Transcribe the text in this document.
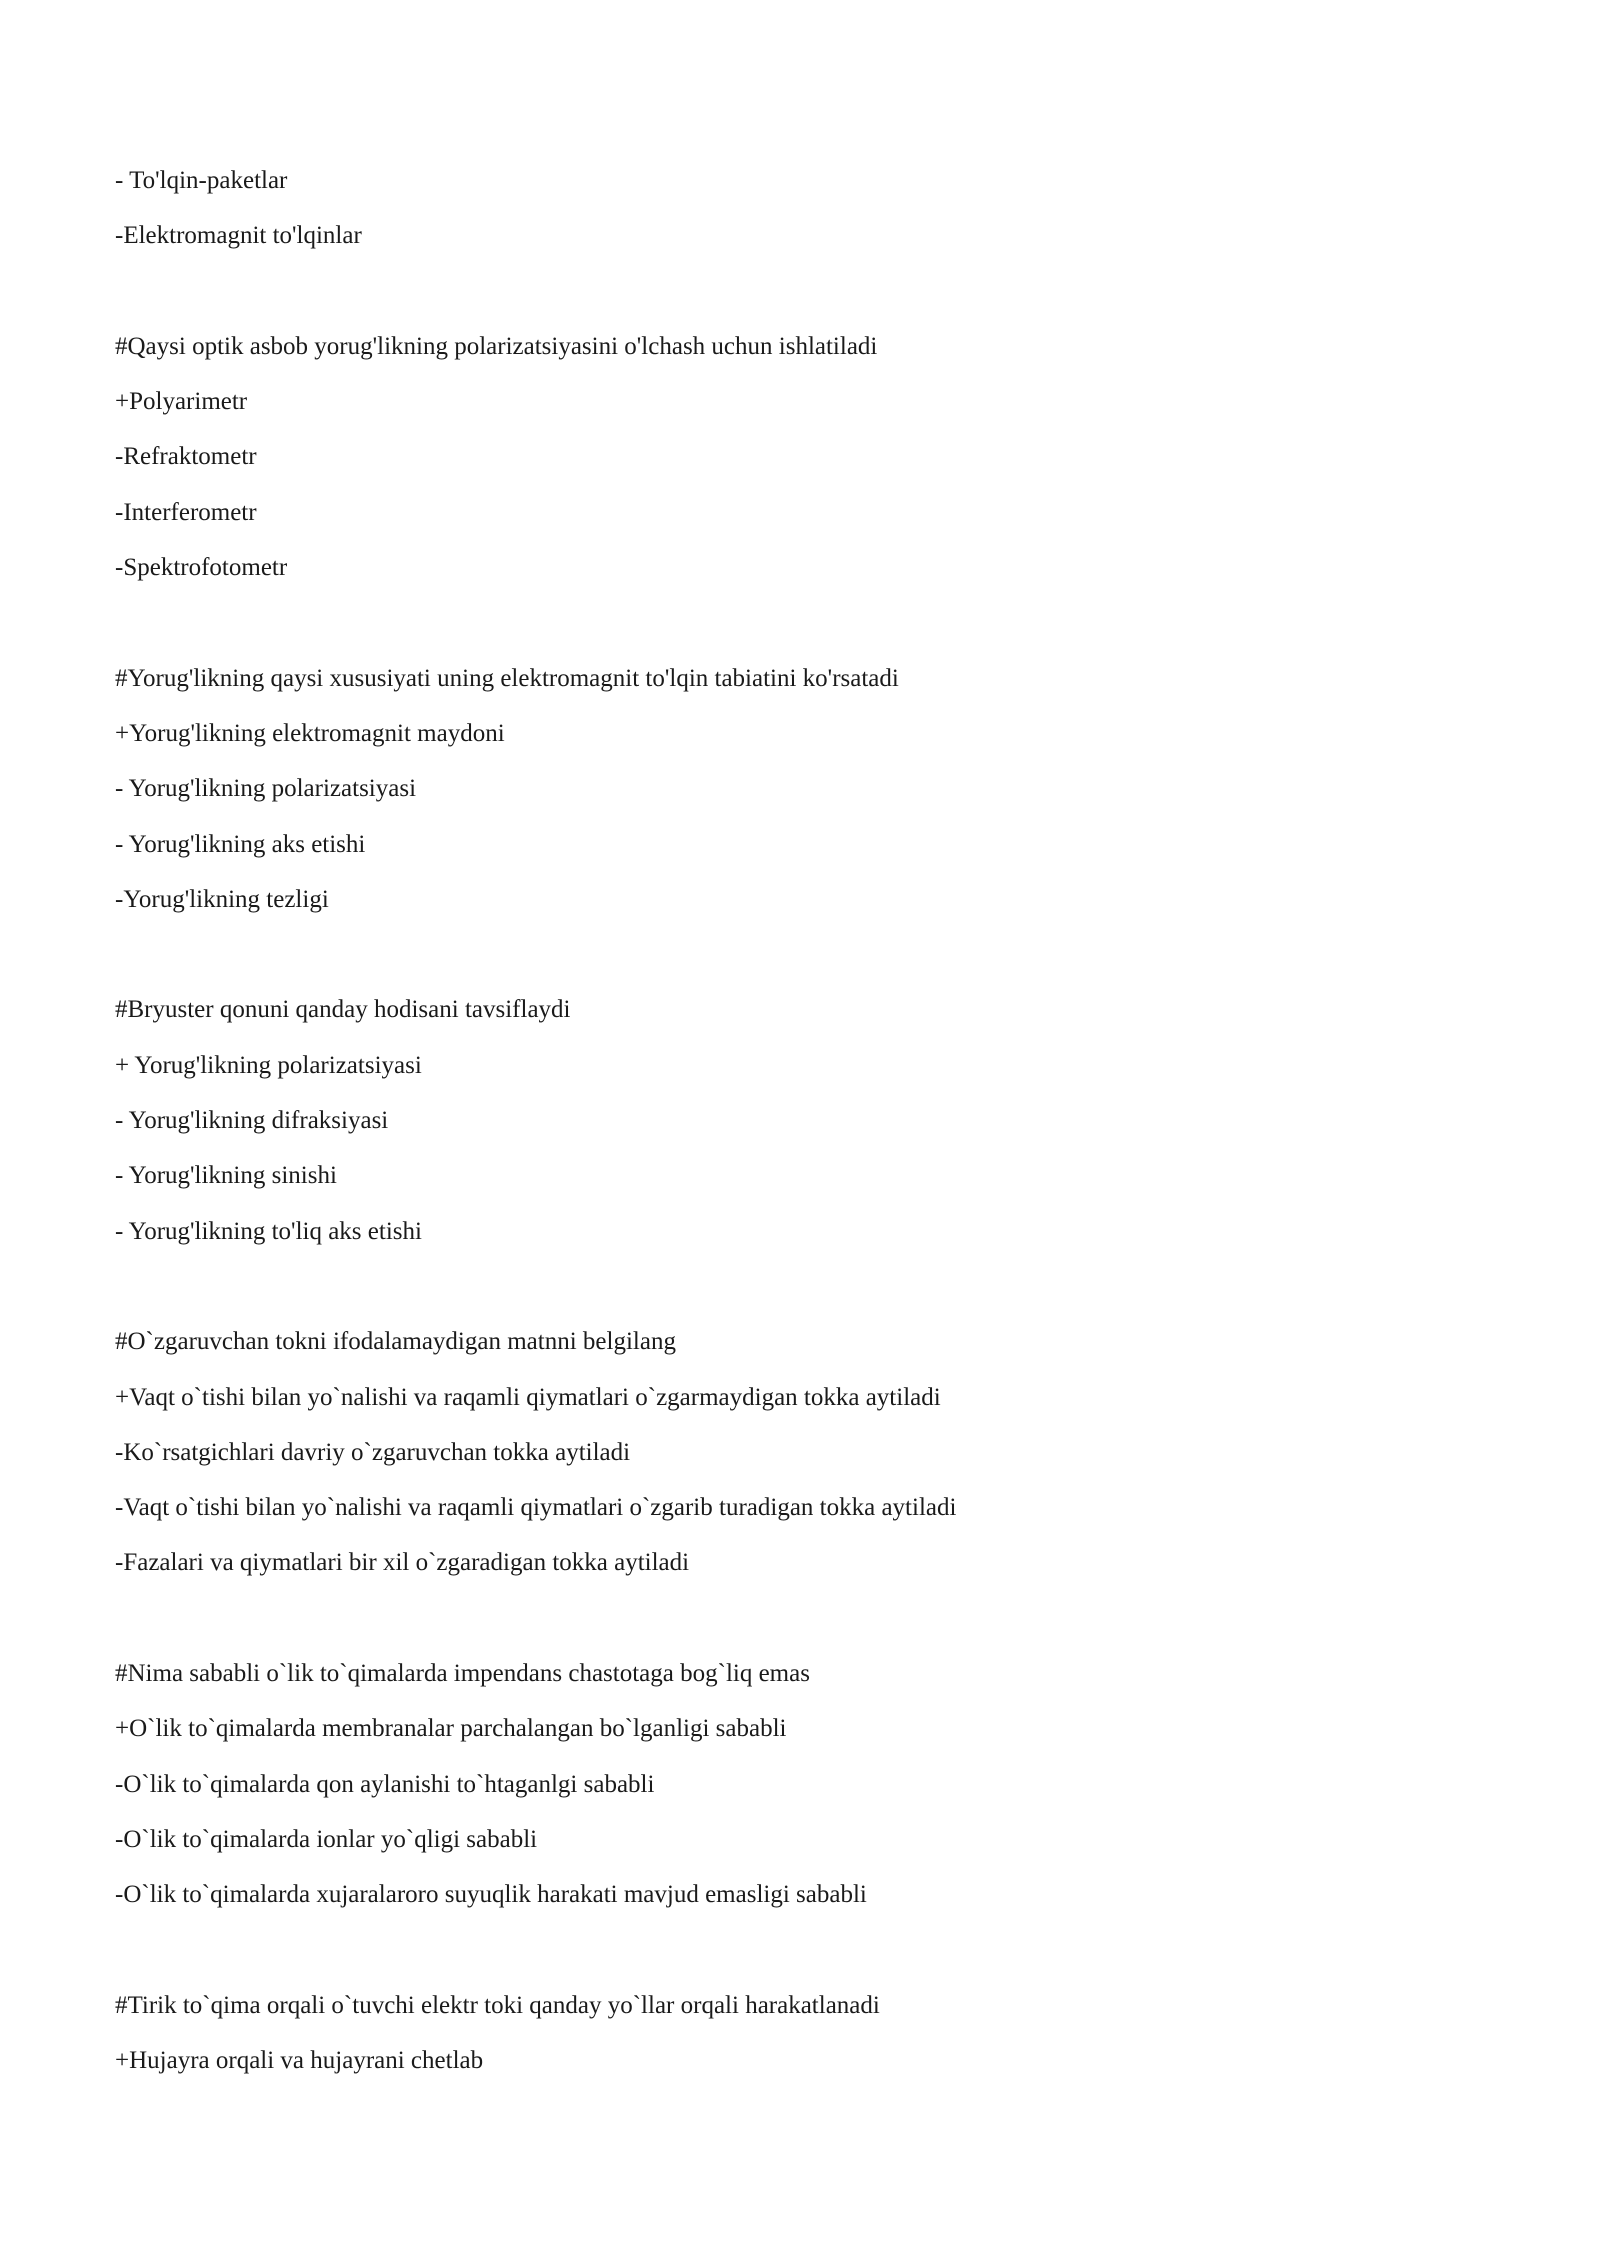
- To'lqin-paketlar
-Elektromagnit to'lqinlar
#Qaysi optik asbob yorug'likning polarizatsiyasini o'lchash uchun ishlatiladi
+Polyarimetr
-Refraktometr
-Interferometr
-Spektrofotometr
#Yorug'likning qaysi xususiyati uning elektromagnit to'lqin tabiatini ko'rsatadi
+Yorug'likning elektromagnit maydoni
- Yorug'likning polarizatsiyasi
- Yorug'likning aks etishi
-Yorug'likning tezligi
#Bryuster qonuni qanday hodisani tavsiflaydi
+ Yorug'likning polarizatsiyasi
- Yorug'likning difraksiyasi
- Yorug'likning sinishi
- Yorug'likning to'liq aks etishi
#O`zgaruvchan tokni ifodalamaydigan matnni belgilang
+Vaqt o`tishi bilan yo`nalishi va raqamli qiymatlari o`zgarmaydigan tokka aytiladi
-Ko`rsatgichlari davriy o`zgaruvchan tokka aytiladi
-Vaqt o`tishi bilan yo`nalishi va raqamli qiymatlari o`zgarib turadigan tokka aytiladi
-Fazalari va qiymatlari bir xil o`zgaradigan tokka aytiladi
#Nima sababli o`lik to`qimalarda impendans chastotaga bog`liq emas
+O`lik to`qimalarda membranalar parchalangan bo`lganligi sababli
-O`lik to`qimalarda qon aylanishi to`htaganlgi sababli
-O`lik to`qimalarda ionlar yo`qligi sababli
-O`lik to`qimalarda xujaralaroro suyuqlik harakati mavjud emasligi sababli
#Tirik to`qima orqali o`tuvchi elektr toki qanday yo`llar orqali harakatlanadi
+Hujayra orqali va hujayrani chetlab
